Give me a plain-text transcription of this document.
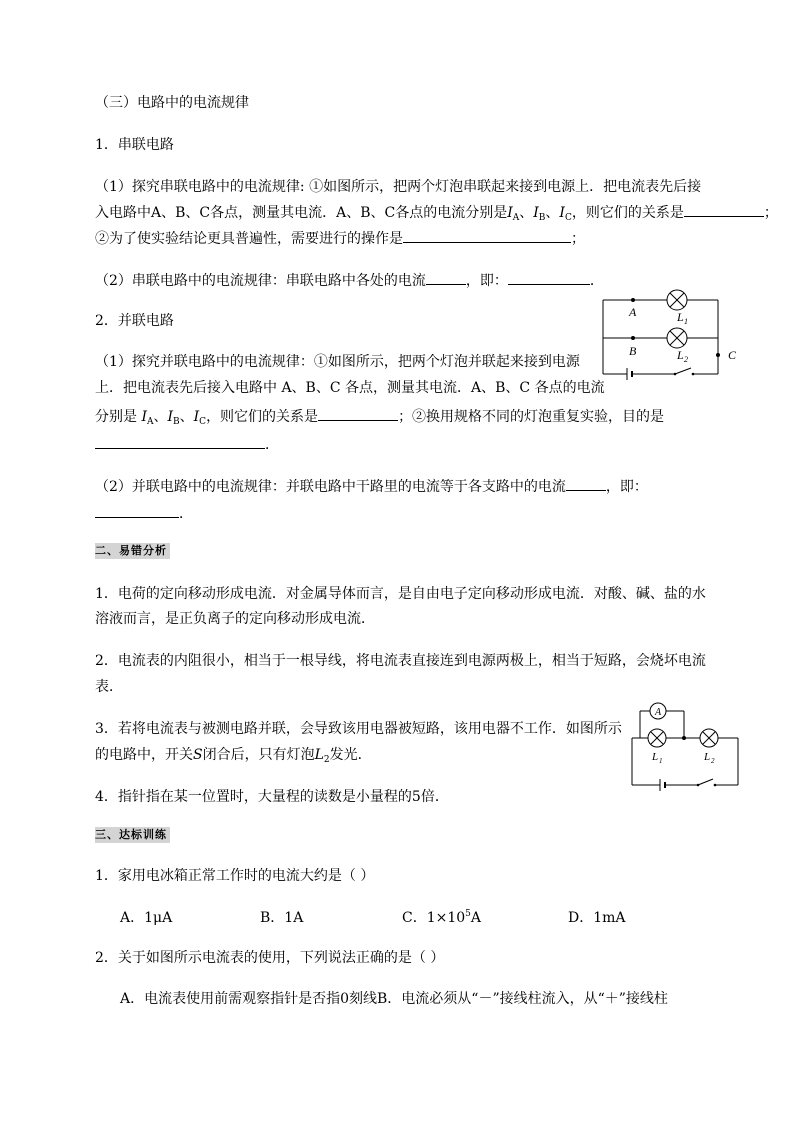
（三）电路中的电流规律
1．串联电路
（1）探究串联电路中的电流规律: ①如图所示，把两个灯泡串联起来接到电源上．把电流表先后接
入电路中A、B、C各点，测量其电流．A、B、C各点的电流分别是$I_A$、$I_B$、$I_C$，则它们的关系是	；
②为了使实验结论更具普遍性，需要进行的操作是	；
（2）串联电路中的电流规律：串联电路中各处的电流	，即：	．
2．并联电路
（1）探究并联电路中的电流规律：①如图所示，把两个灯泡并联起来接到电源
上．把电流表先后接入电路中 A、B、C 各点，测量其电流．A、B、C 各点的电流
分别是 $I_A$、$I_B$、$I_C$，则它们的关系是	；②换用规格不同的灯泡重复实验，目的是
．
（2）并联电路中的电流规律：并联电路中干路里的电流等于各支路中的电流	，即：
．
A
B	C
L 1
L 2
二、易错分析
1．电荷的定向移动形成电流．对金属导体而言，是自由电子定向移动形成电流．对酸、碱、盐的水
溶液而言，是正负离子的定向移动形成电流．
2．电流表的内阻很小，相当于一根导线，将电流表直接连到电源两极上，相当于短路，会烧坏电流
表．
3．若将电流表与被测电路并联，会导致该用电器被短路，该用电器不工作．如图所示
的电路中，开关S闭合后，只有灯泡$L_2$发光．
4．指针指在某一位置时，大量程的读数是小量程的5倍．
A
L 1	L 2
三、达标训练
1．家用电冰箱正常工作时的电流大约是（ ）
A．1μA	B．1A	C．$1\times 10^5A$	D．1mA
2．关于如图所示电流表的使用，下列说法正确的是（ ）
A．电流表使用前需观察指针是否指0刻线B．电流必须从“－”接线柱流入，从“＋”接线柱
